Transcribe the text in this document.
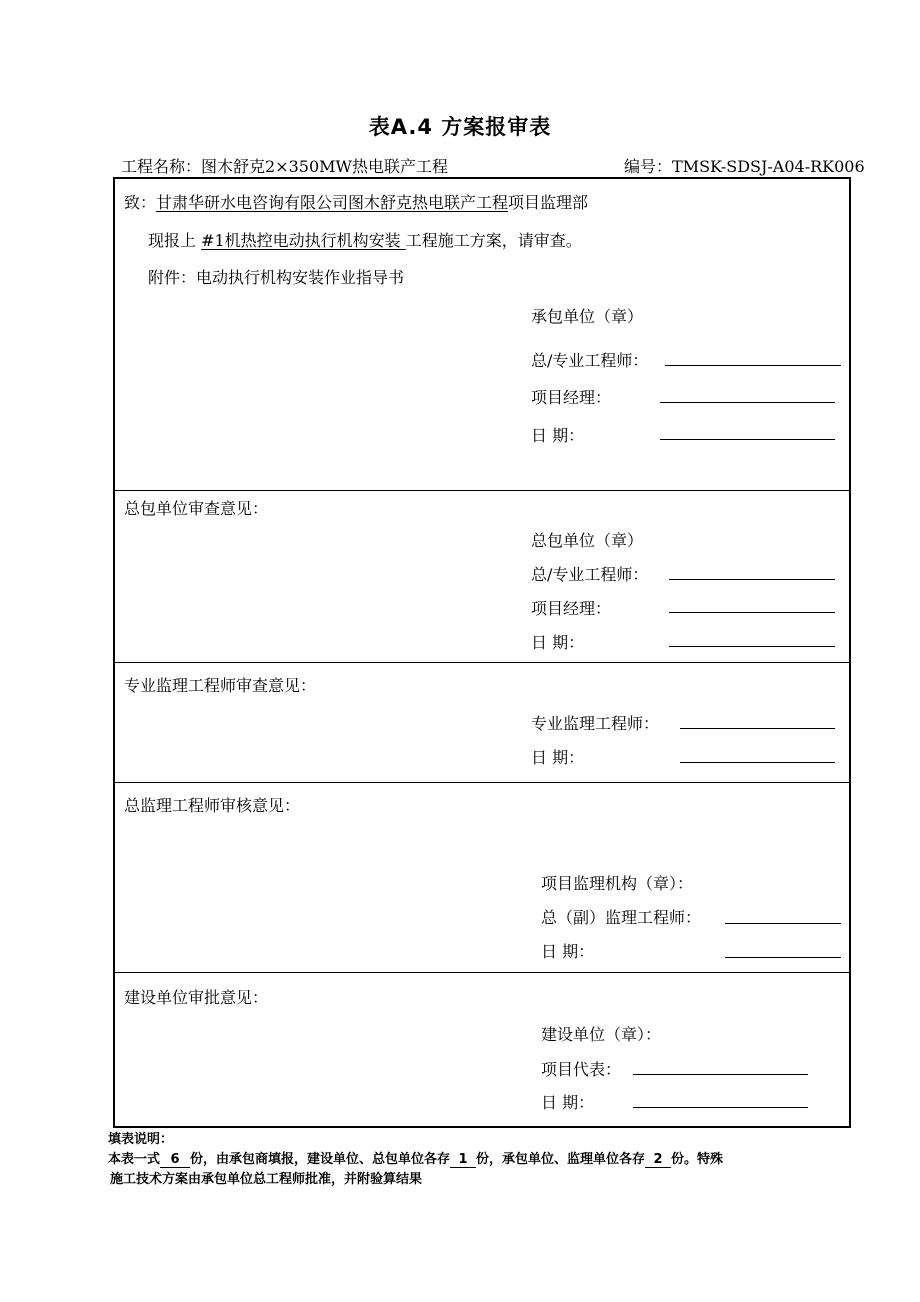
表A.4 方案报审表
工程名称：图木舒克2×350MW热电联产工程	编号：TMSK-SDSJ-A04-RK006
致：甘肃华研水电咨询有限公司图木舒克热电联产工程项目监理部
现报上 #1机热控电动执行机构安装 工程施工方案，请审查。
附件：电动执行机构安装作业指导书
承包单位（章）
总/专业工程师：
项目经理：
日 期：
总包单位审查意见：
总包单位（章）
总/专业工程师：
项目经理：
日 期：
专业监理工程师审查意见：
专业监理工程师：
日 期：
总监理工程师审核意见：
项目监理机构（章）：
总（副）监理工程师：
日 期：
建设单位审批意见：
建设单位（章）：
项目代表：
日 期：
填表说明：
本表一式 6 份，由承包商填报，建设单位、总包单位各存 1 份，承包单位、监理单位各存 2 份。特殊
施工技术方案由承包单位总工程师批准，并附验算结果
